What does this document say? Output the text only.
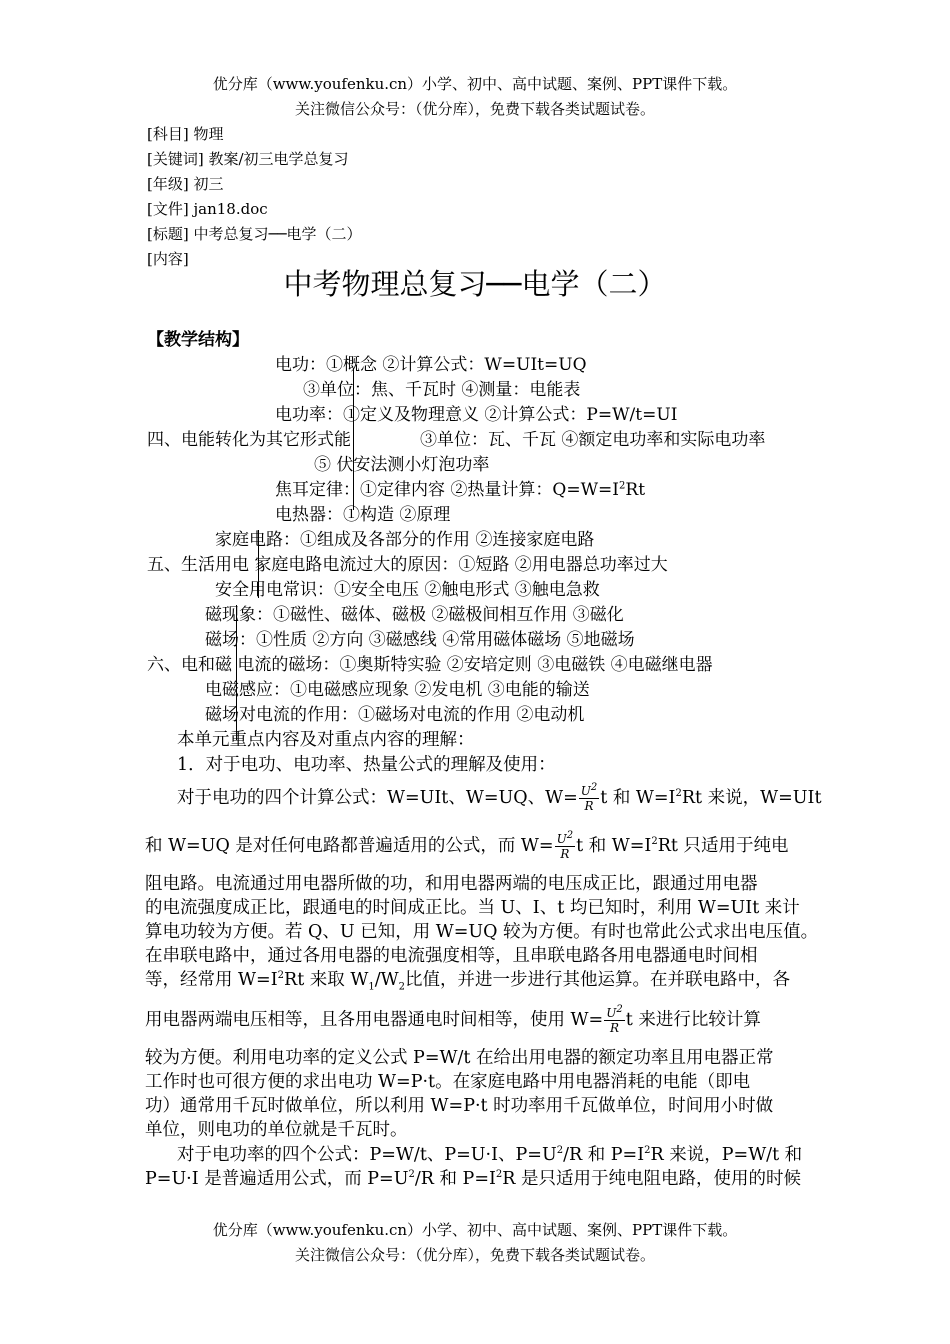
优分库（www.youfenku.cn）小学、初中、高中试题、案例、PPT课件下载。
关注微信公众号：（优分库），免费下载各类试题试卷。
[科目] 物理
[关键词] 教案/初三电学总复习
[年级] 初三
[文件] jan18.doc
[标题] 中考总复习──电学（二）
[内容]
中考物理总复习──电学（二）
【教学结构】
电功：①概念 ②计算公式：W=UIt=UQ
③单位：焦、千瓦时 ④测量：电能表
电功率：①定义及物理意义 ②计算公式：P=W/t=UI
四、电能转化为其它形式能	③单位：瓦、千瓦 ④额定电功率和实际电功率
⑤ 伏安法测小灯泡功率
焦耳定律：①定律内容 ②热量计算：$Q=W=I^2Rt$
电热器：①构造 ②原理
家庭电路：①组成及各部分的作用 ②连接家庭电路
五、生活用电 家庭电路电流过大的原因：①短路 ②用电器总功率过大
安全用电常识：①安全电压 ②触电形式 ③触电急救
磁现象：①磁性、磁体、磁极 ②磁极间相互作用 ③磁化
磁场：①性质 ②方向 ③磁感线 ④常用磁体磁场 ⑤地磁场
六、电和磁 电流的磁场：①奥斯特实验 ②安培定则 ③电磁铁 ④电磁继电器
电磁感应：①电磁感应现象 ②发电机 ③电能的输送
磁场对电流的作用：①磁场对电流的作用 ②电动机
本单元重点内容及对重点内容的理解：
1．对于电功、电功率、热量公式的理解及使用：
对于电功的四个计算公式：W=UIt、W=UQ、$W= \frac{U^2}{R}$ t 和 $W=I^2Rt$ 来说，W=UIt
和 W=UQ 是对任何电路都普遍适用的公式，而 $W= \frac{U^2}{R}$ t 和 $W=I^2Rt$ 只适用于纯电
阻电路。电流通过用电器所做的功，和用电器两端的电压成正比，跟通过用电器
的电流强度成正比，跟通电的时间成正比。当 U、I、t 均已知时，利用 W=UIt 来计
算电功较为方便。若 Q、U 已知，用 W=UQ 较为方便。有时也常此公式求出电压值。
在串联电路中，通过各用电器的电流强度相等，且串联电路各用电器通电时间相
等，经常用 $W=I^2Rt$ 来取 $W_1/W_2$比值，并进一步进行其他运算。在并联电路中，各
用电器两端电压相等，且各用电器通电时间相等，使用 $W= \frac{U^2}{R}$ t 来进行比较计算
较为方便。利用电功率的定义公式 P=W/t 在给出用电器的额定功率且用电器正常
工作时也可很方便的求出电功 W=P·t。在家庭电路中用电器消耗的电能（即电
功）通常用千瓦时做单位，所以利用 W=P·t 时功率用千瓦做单位，时间用小时做
单位，则电功的单位就是千瓦时。
对于电功率的四个公式：P=W/t、P=U·I、$P=U^2/R$ 和 $P=I^2R$ 来说，P=W/t 和
P=U·I 是普遍适用公式，而 $P=U^2/R$ 和 $P=I^2R$ 是只适用于纯电阻电路，使用的时候
优分库（www.youfenku.cn）小学、初中、高中试题、案例、PPT课件下载。
关注微信公众号：（优分库），免费下载各类试题试卷。
